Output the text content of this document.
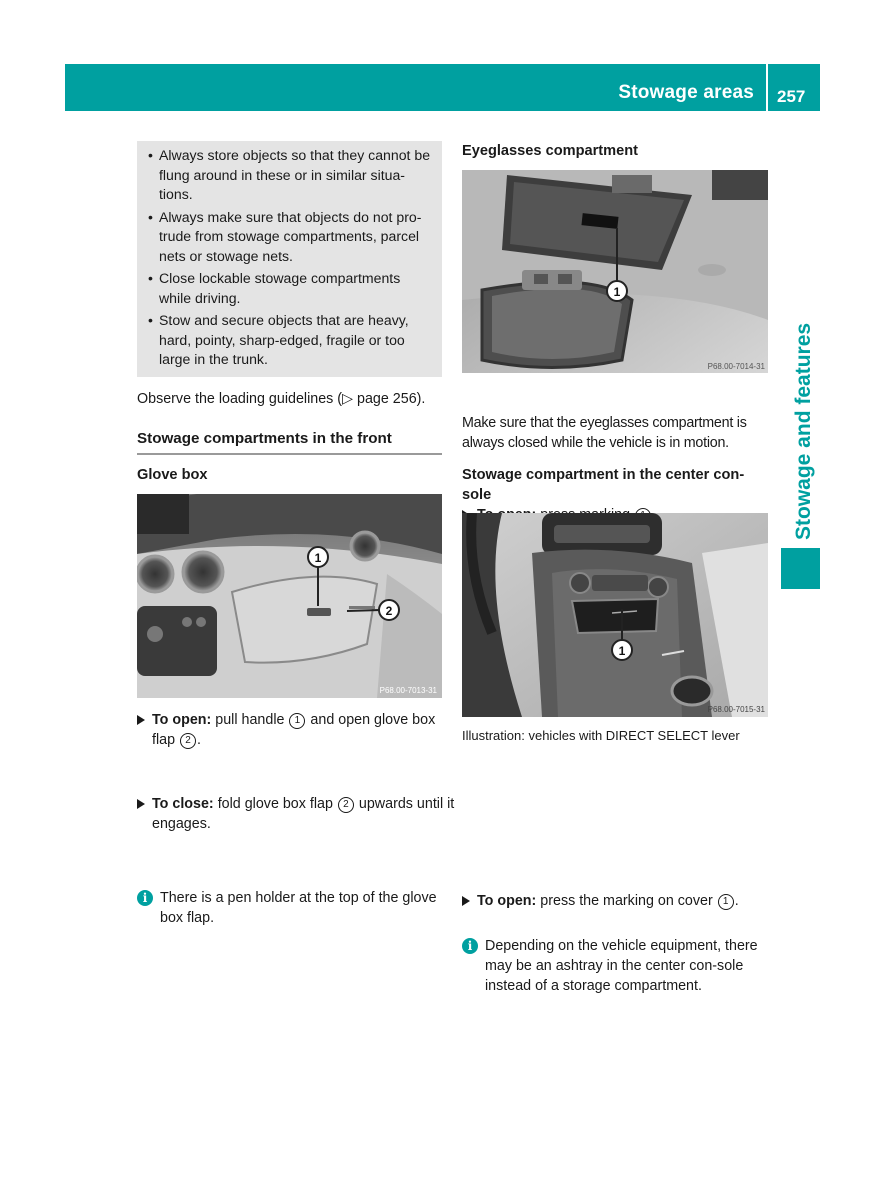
Stowage areas 257
Stowage and features
• Always store objects so that they cannot be flung around in these or in similar situa-tions.
• Always make sure that objects do not pro-trude from stowage compartments, parcel nets or stowage nets.
• Close lockable stowage compartments while driving.
• Stow and secure objects that are heavy, hard, pointy, sharp-edged, fragile or too large in the trunk.

Observe the loading guidelines (▷ page 256).

Stowage compartments in the front

Glove box

1
2
P68.00-7013-31
To open: pull handle 1 and open glove box flap 2 .
To close: fold glove box flap 2 upwards until it engages.
i There is a pen holder at the top of the glove box flap.

Eyeglasses compartment

1
P68.00-7014-31

Make sure that the eyeglasses compartment is always closed while the vehicle is in motion.

Stowage compartment in the center con-sole

1
P68.00-7015-31

Illustration: vehicles with DIRECT SELECT lever

To open: press the marking on cover 1 .
i Depending on the vehicle equipment, there may be an ashtray in the center con-sole instead of a storage compartment.
